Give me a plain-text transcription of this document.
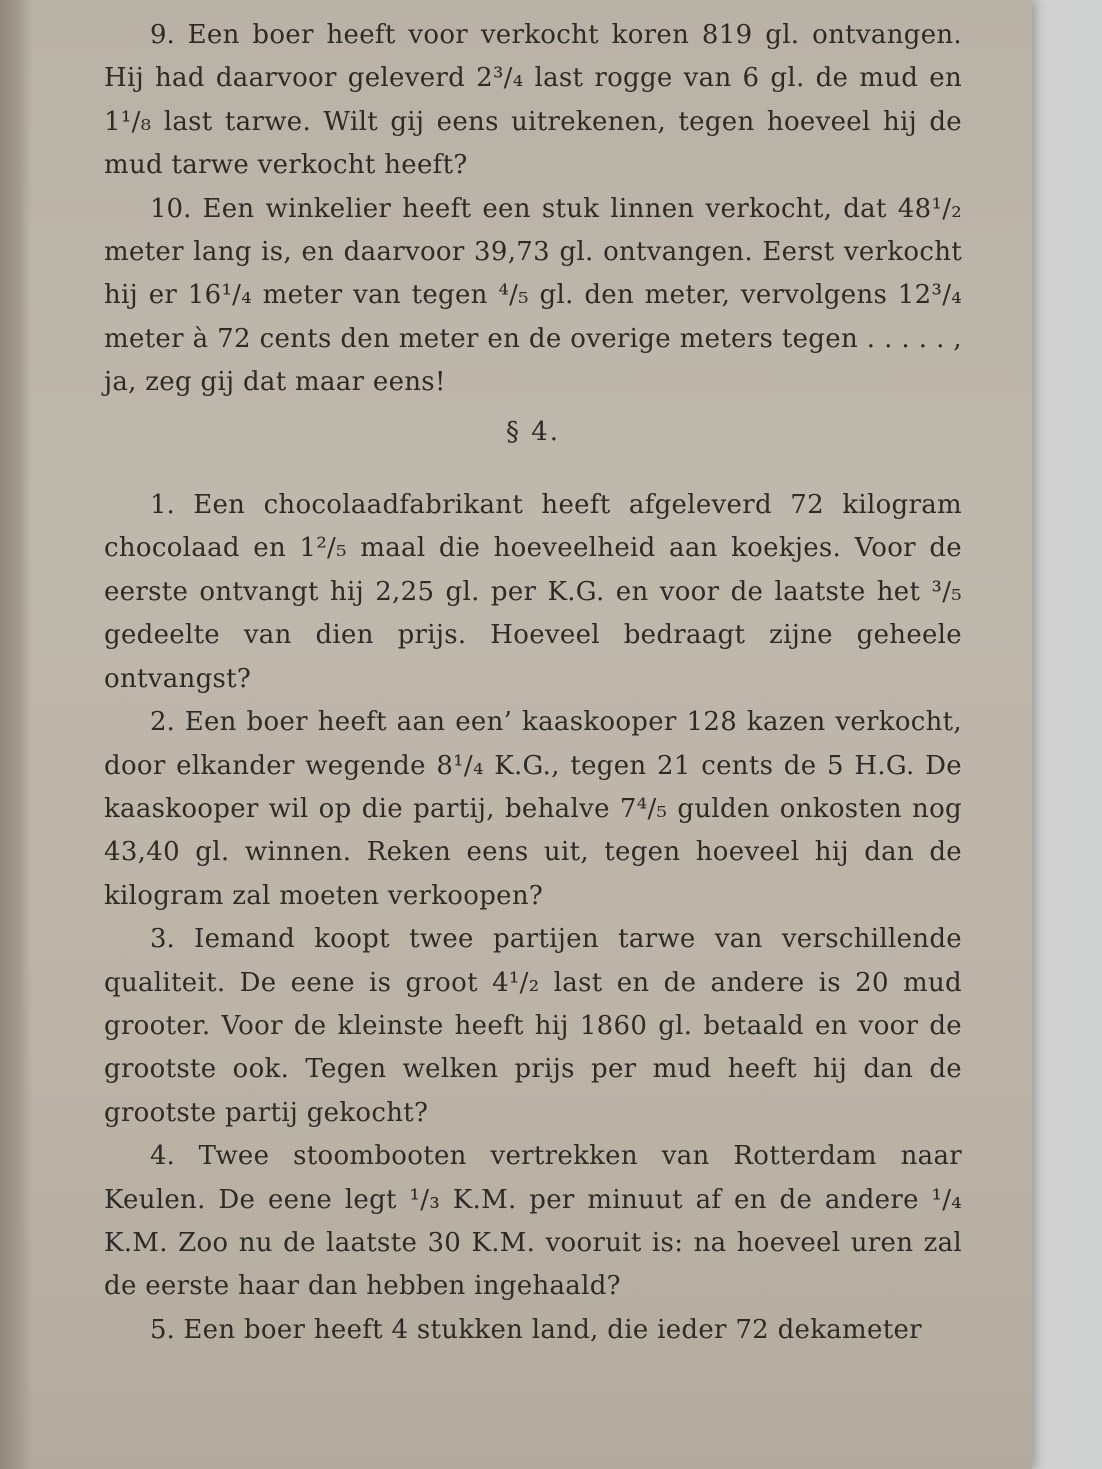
9. Een boer heeft voor verkocht koren 819 gl. ontvangen. Hij had daarvoor geleverd 2³/₄ last rogge van 6 gl. de mud en 1¹/₈ last tarwe. Wilt gij eens uitrekenen, tegen hoeveel hij de mud tarwe verkocht heeft?

10. Een winkelier heeft een stuk linnen verkocht, dat 48¹/₂ meter lang is, en daarvoor 39,73 gl. ontvangen. Eerst verkocht hij er 16¹/₄ meter van tegen ⁴/₅ gl. den meter, vervolgens 12³/₄ meter à 72 cents den meter en de overige meters tegen . . . . . , ja, zeg gij dat maar eens!

§ 4.

1. Een chocolaadfabrikant heeft afgeleverd 72 kilogram chocolaad en 1²/₅ maal die hoeveelheid aan koekjes. Voor de eerste ontvangt hij 2,25 gl. per K.G. en voor de laatste het ³/₅ gedeelte van dien prijs. Hoeveel bedraagt zijne geheele ontvangst?

2. Een boer heeft aan een’ kaaskooper 128 kazen verkocht, door elkander wegende 8¹/₄ K.G., tegen 21 cents de 5 H.G. De kaaskooper wil op die partij, behalve 7⁴/₅ gulden onkosten nog 43,40 gl. winnen. Reken eens uit, tegen hoeveel hij dan de kilogram zal moeten verkoopen?

3. Iemand koopt twee partijen tarwe van verschillende qualiteit. De eene is groot 4¹/₂ last en de andere is 20 mud grooter. Voor de kleinste heeft hij 1860 gl. betaald en voor de grootste ook. Tegen welken prijs per mud heeft hij dan de grootste partij gekocht?

4. Twee stoombooten vertrekken van Rotterdam naar Keulen. De eene legt ¹/₃ K.M. per minuut af en de andere ¹/₄ K.M. Zoo nu de laatste 30 K.M. vooruit is: na hoeveel uren zal de eerste haar dan hebben ingehaald?

5. Een boer heeft 4 stukken land, die ieder 72 dekameter
